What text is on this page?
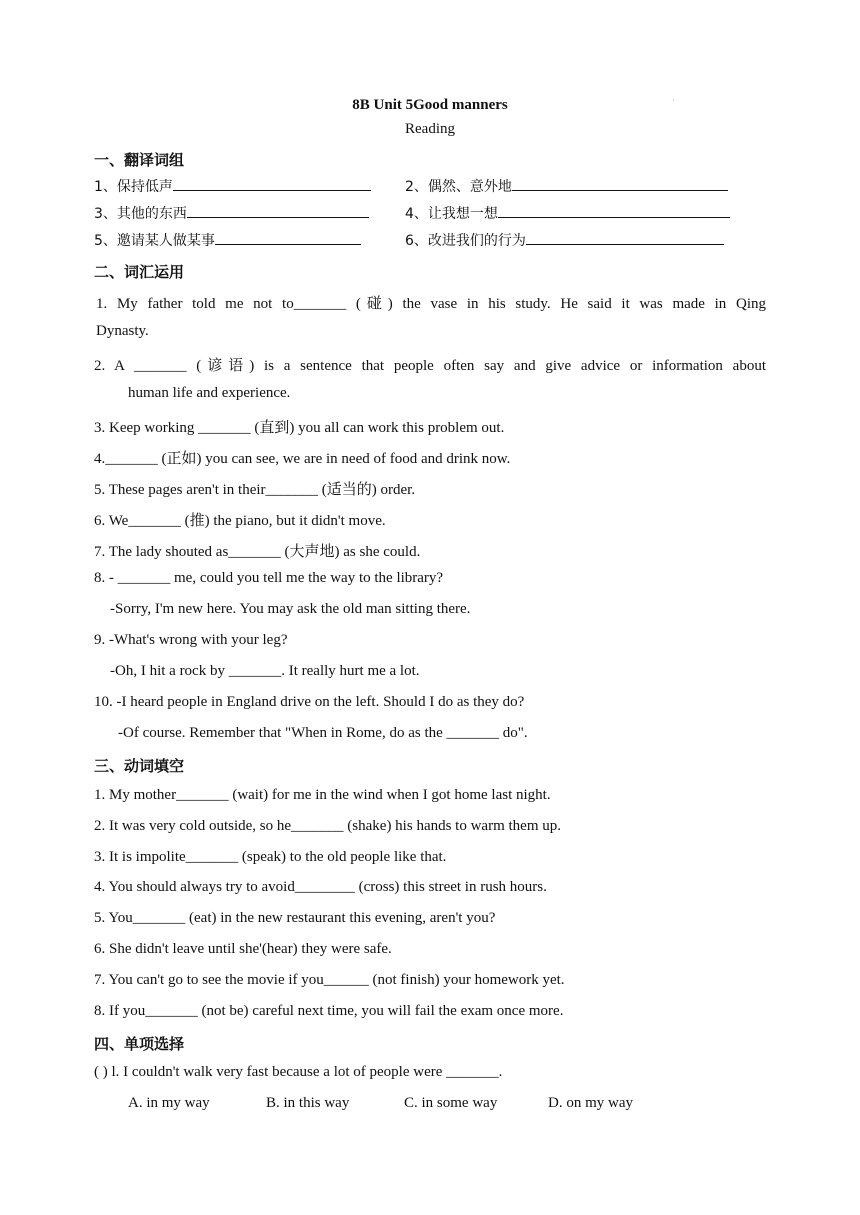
8B Unit 5Good manners	·
Reading
一、翻译词组
1、保持低声	2、偶然、意外地
3、其他的东西	4、让我想一想
5、邀请某人做某事	6、改进我们的行为
二、词汇运用
1. My father told me not to_______ (碰) the vase in his study. He said it was made in Qing
Dynasty.
2. A _______ (谚语) is a sentence that people often say and give advice or information about
human life and experience.
3. Keep working _______ (直到) you all can work this problem out.
4._______ (正如) you can see, we are in need of food and drink now.
5. These pages aren't in their_______ (适当的) order.
6. We_______ (推) the piano, but it didn't move.
7. The lady shouted as_______ (大声地) as she could.
8. - _______ me, could you tell me the way to the library?
-Sorry, I'm new here. You may ask the old man sitting there.
9. -What's wrong with your leg?
-Oh, I hit a rock by _______. It really hurt me a lot.
10. -I heard people in England drive on the left. Should I do as they do?
-Of course. Remember that "When in Rome, do as the _______ do".
三、动词填空
1. My mother_______ (wait) for me in the wind when I got home last night.
2. It was very cold outside, so he_______ (shake) his hands to warm them up.
3. It is impolite_______ (speak) to the old people like that.
4. You should always try to avoid________ (cross) this street in rush hours.
5. You_______ (eat) in the new restaurant this evening, aren't you?
6. She didn't leave until she'(hear) they were safe.
7. You can't go to see the movie if you______ (not finish) your homework yet.
8. If you_______ (not be) careful next time, you will fail the exam once more.
四、单项选择
( ) l. I couldn't walk very fast because a lot of people were _______.
A. in my way	B. in this way	C. in some way	D. on my way
